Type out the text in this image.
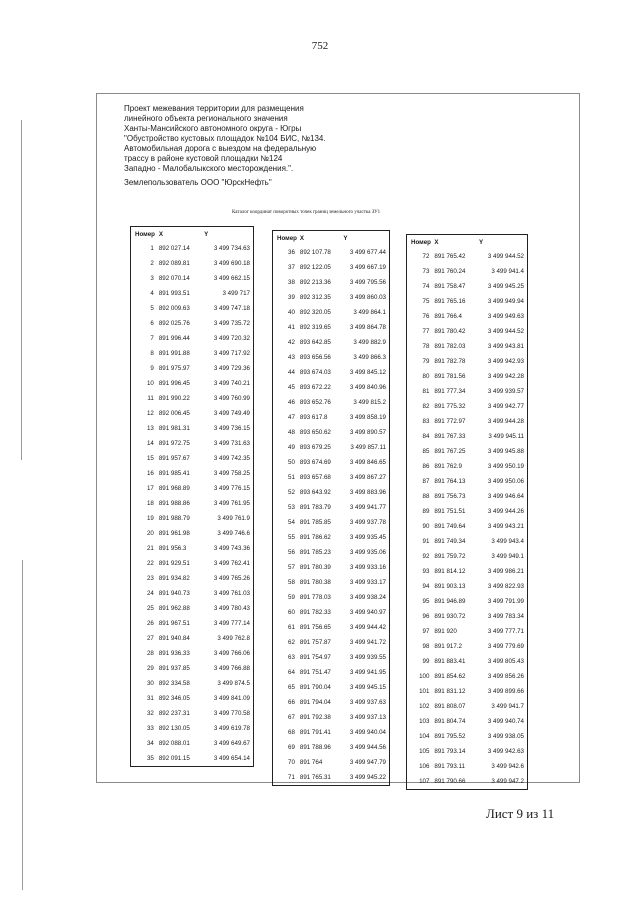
752
Проект межевания территории для размещения
линейного объекта регионального значения
Ханты-Мансийского автономного округа - Югры
"Обустройство кустовых площадок №104 БИС, №134.
Автомобильная дорога с выездом на федеральную
трассу в районе кустовой площадки №124
Западно - Малобалыкского месторождения.".
Землепользователь ООО "ЮрскНефть"
Каталог координат поворотных точек границ земельного участка ЗУ1
Номер	X	Y
1	892 027.14	3 499 734.63
2	892 089.81	3 499 690.18
3	892 070.14	3 499 662.15
4	891 993.51	3 499 717
5	892 009.63	3 499 747.18
6	892 025.76	3 499 735.72
7	891 996.44	3 499 720.32
8	891 991.88	3 499 717.92
9	891 975.97	3 499 729.36
10	891 996.45	3 499 740.21
11	891 990.22	3 499 760.99
12	892 006.45	3 499 749.49
13	891 981.31	3 499 736.15
14	891 972.75	3 499 731.63
15	891 957.67	3 499 742.35
16	891 985.41	3 499 758.25
17	891 968.89	3 499 776.15
18	891 988.86	3 499 761.95
19	891 988.79	3 499 761.9
20	891 961.98	3 499 746.6
21	891 956.3	3 499 743.36
22	891 929.51	3 499 762.41
23	891 934.82	3 499 765.26
24	891 940.73	3 499 761.03
25	891 962.88	3 499 780.43
26	891 967.51	3 499 777.14
27	891 940.84	3 499 762.8
28	891 936.33	3 499 766.06
29	891 937.85	3 499 766.88
30	892 334.58	3 499 874.5
31	892 346.05	3 499 841.09
32	892 237.31	3 499 770.58
33	892 130.05	3 499 619.78
34	892 088.01	3 499 649.67
35	892 091.15	3 499 654.14
Номер	X	Y
36	892 107.78	3 499 677.44
37	892 122.05	3 499 667.19
38	892 213.36	3 499 795.56
39	892 312.35	3 499 860.03
40	892 320.05	3 499 864.1
41	892 319.65	3 499 864.78
42	893 642.85	3 499 882.9
43	893 656.56	3 499 866.3
44	893 674.03	3 499 845.12
45	893 672.22	3 499 840.96
46	893 652.76	3 499 815.2
47	893 617.8	3 499 858.19
48	893 650.62	3 499 890.57
49	893 679.25	3 499 857.11
50	893 674.69	3 499 846.65
51	893 657.68	3 499 867.27
52	893 643.92	3 499 883.96
53	891 783.79	3 499 941.77
54	891 785.85	3 499 937.78
55	891 786.62	3 499 935.45
56	891 785.23	3 499 935.06
57	891 780.39	3 499 933.16
58	891 780.38	3 499 933.17
59	891 778.03	3 499 938.24
60	891 782.33	3 499 940.97
61	891 756.65	3 499 944.42
62	891 757.87	3 499 941.72
63	891 754.97	3 499 939.55
64	891 751.47	3 499 941.95
65	891 790.04	3 499 945.15
66	891 794.04	3 499 937.63
67	891 792.38	3 499 937.13
68	891 791.41	3 499 940.04
69	891 788.96	3 499 944.56
70	891 764	3 499 947.79
71	891 765.31	3 499 945.22
Номер	X	Y
72	891 765.42	3 499 944.52
73	891 760.24	3 499 941.4
74	891 758.47	3 499 945.25
75	891 765.16	3 499 949.94
76	891 766.4	3 499 949.63
77	891 780.42	3 499 944.52
78	891 782.03	3 499 943.81
79	891 782.78	3 499 942.93
80	891 781.56	3 499 942.28
81	891 777.34	3 499 939.57
82	891 775.32	3 499 942.77
83	891 772.97	3 499 944.28
84	891 767.33	3 499 945.11
85	891 767.25	3 499 945.88
86	891 762.9	3 499 950.19
87	891 764.13	3 499 950.06
88	891 756.73	3 499 946.64
89	891 751.51	3 499 944.26
90	891 749.64	3 499 943.21
91	891 749.34	3 499 943.4
92	891 759.72	3 499 949.1
93	891 814.12	3 499 986.21
94	891 903.13	3 499 822.93
95	891 946.89	3 499 791.99
96	891 930.72	3 499 783.34
97	891 920	3 499 777.71
98	891 917.2	3 499 779.69
99	891 883.41	3 499 805.43
100	891 854.62	3 499 856.26
101	891 831.12	3 499 899.66
102	891 808.07	3 499 941.7
103	891 804.74	3 499 940.74
104	891 795.52	3 499 938.05
105	891 793.14	3 499 942.63
106	891 793.11	3 499 942.6
107	891 790.66	3 499 947.2
Лист 9 из 11
